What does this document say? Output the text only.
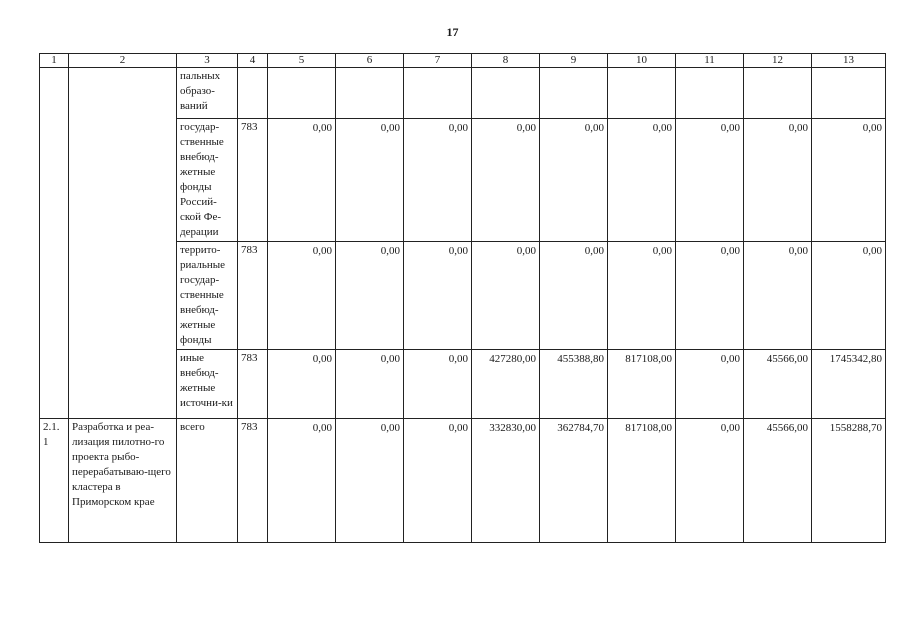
17
1	2	3	4	5	6	7	8	9	10	11	12	13
		пальных образо-ваний										
		государ-ственные внебюд-жетные фонды Россий-ской Фе-дерации	783	0,00	0,00	0,00	0,00	0,00	0,00	0,00	0,00	0,00
		террито-риальные государ-ственные внебюд-жетные фонды	783	0,00	0,00	0,00	0,00	0,00	0,00	0,00	0,00	0,00
		иные внебюд-жетные источни-ки	783	0,00	0,00	0,00	427280,00	455388,80	817108,00	0,00	45566,00	1745342,80
2.1. 1	Разработка и реа-лизация пилотно-го проекта рыбо-перерабатываю-щего кластера в Приморском крае	всего	783	0,00	0,00	0,00	332830,00	362784,70	817108,00	0,00	45566,00	1558288,70
